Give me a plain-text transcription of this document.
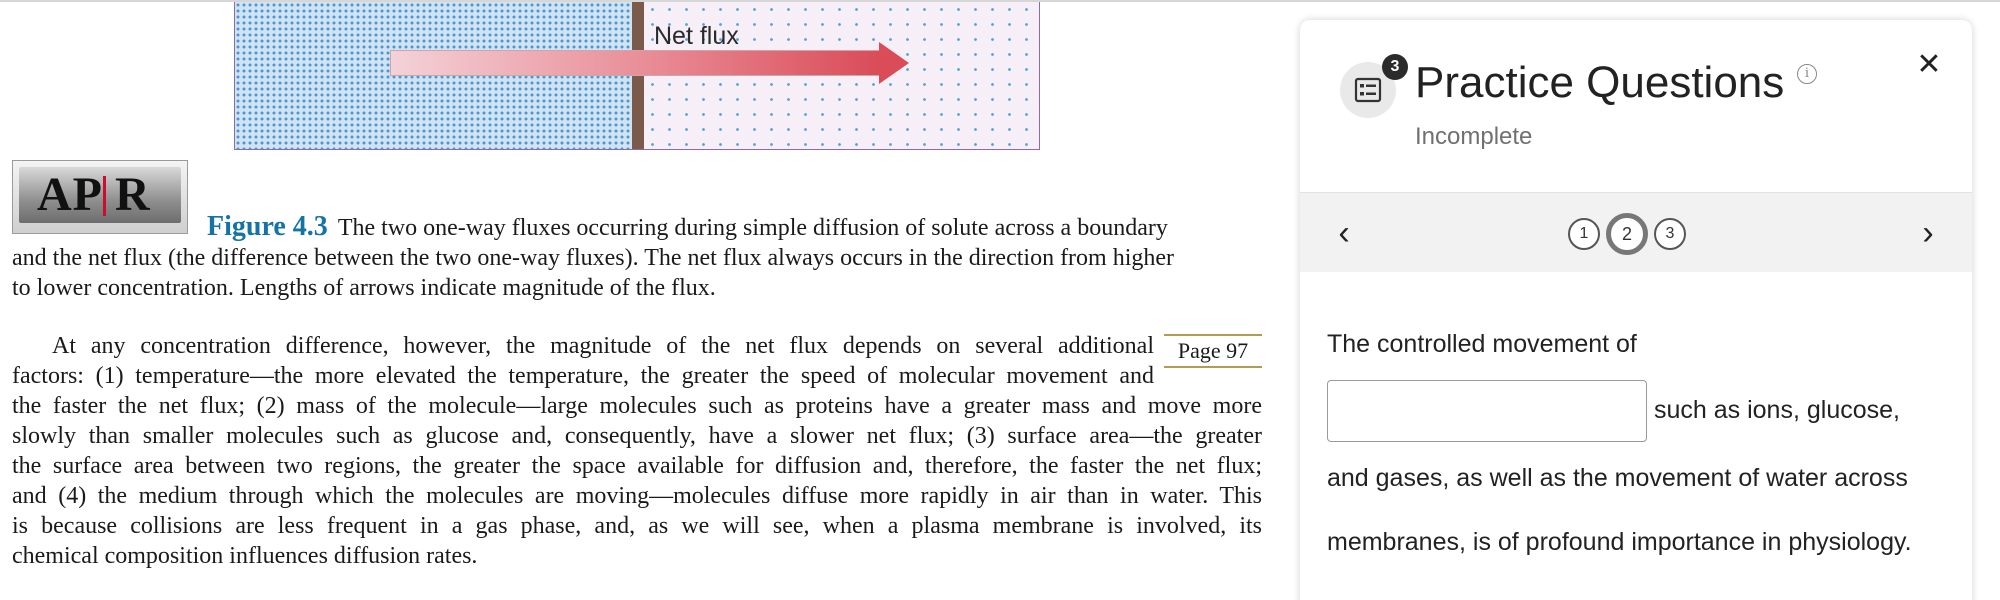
Net flux
AP R
Figure 4.3 The two one-way fluxes occurring during simple diffusion of solute across a boundary
and the net flux (the difference between the two one-way fluxes). The net flux always occurs in the direction from higher
to lower concentration. Lengths of arrows indicate magnitude of the flux.
Page 97
At any concentration difference, however, the magnitude of the net flux depends on several additional
factors: (1) temperature—the more elevated the temperature, the greater the speed of molecular movement and
the faster the net flux; (2) mass of the molecule—large molecules such as proteins have a greater mass and move more
slowly than smaller molecules such as glucose and, consequently, have a slower net flux; (3) surface area—the greater
the surface area between two regions, the greater the space available for diffusion and, therefore, the faster the net flux;
and (4) the medium through which the molecules are moving—molecules diffuse more rapidly in air than in water. This
is because collisions are less frequent in a gas phase, and, as we will see, when a plasma membrane is involved, its
chemical composition influences diffusion rates.
3 Practice Questions	i	✕
Incomplete
‹	1	2	3	›
The controlled movement of
such as ions, glucose,
and gases, as well as the movement of water across
membranes, is of profound importance in physiology.
